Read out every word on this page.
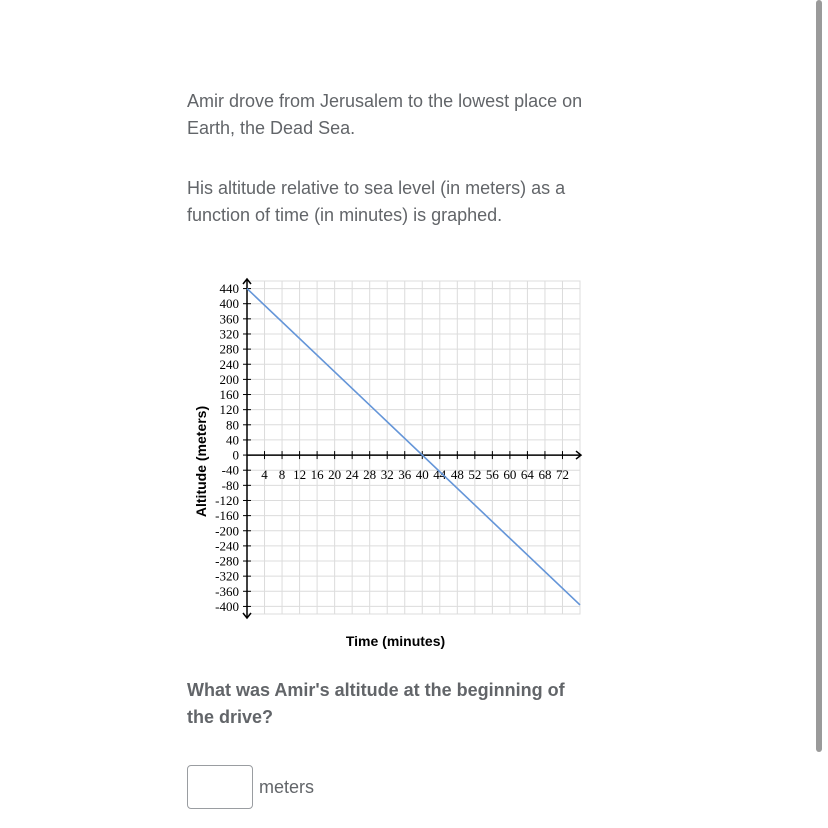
Amir drove from Jerusalem to the lowest place on Earth, the Dead Sea.

His altitude relative to sea level (in meters) as a function of time (in minutes) is graphed.

4 8 12 16 20 24 28 32 36 40 44 48 52 56 60 64 68 72
440
400
360
320
280
240
200
160
120
80
40
0
-40
-80
-120
-160
-200
-240
-280
-320
-360
-400
Time (minutes)
Altitude (meters)

What was Amir's altitude at the beginning of the drive?

meters
